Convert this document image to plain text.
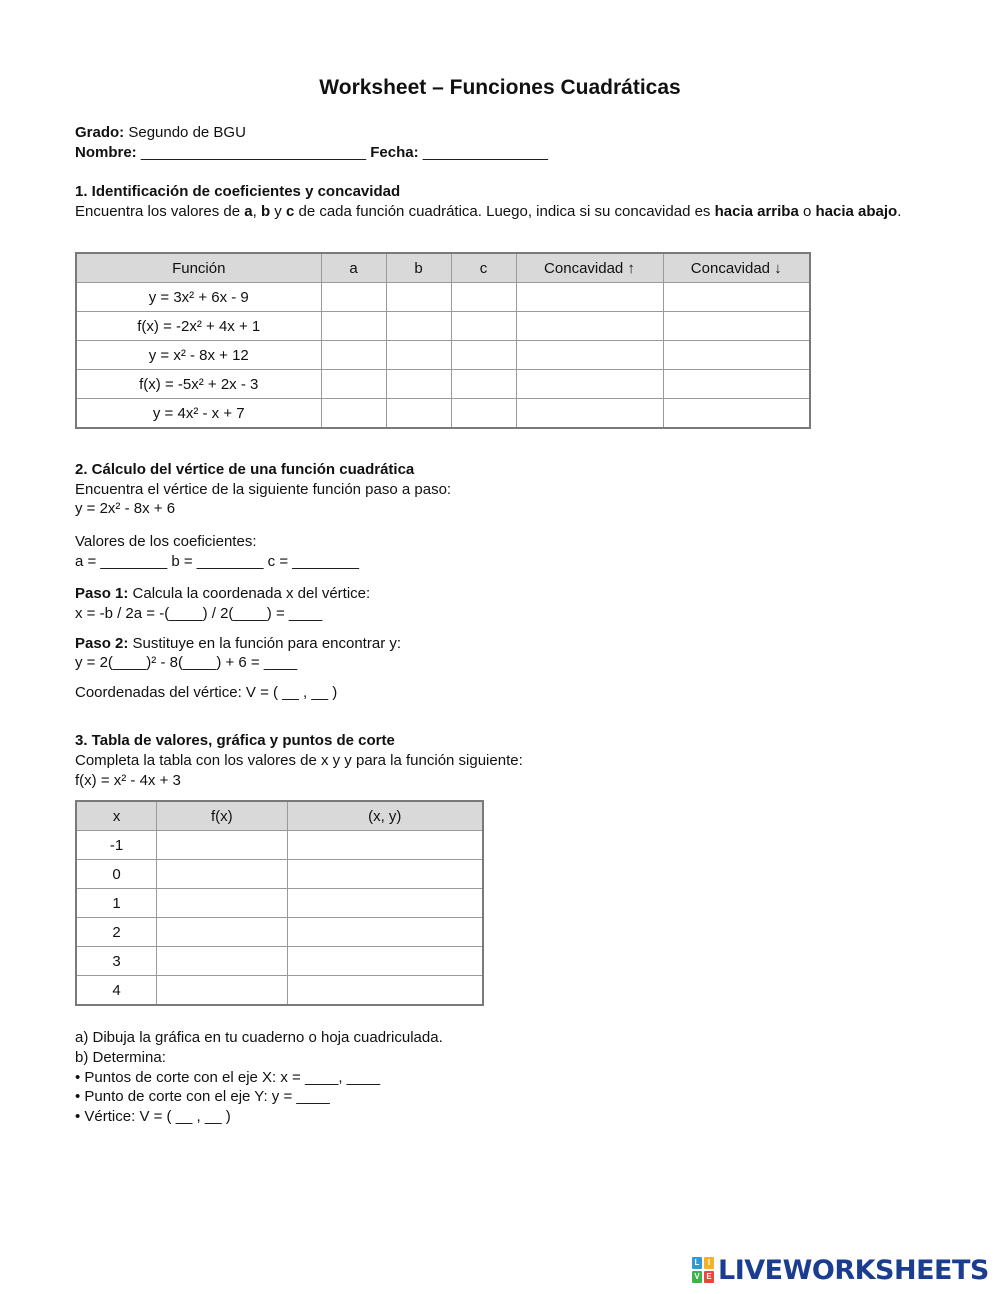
Worksheet – Funciones Cuadráticas
Grado: Segundo de BGU
Nombre: ___________________________ Fecha: _______________
1. Identificación de coeficientes y concavidad
Encuentra los valores de a, b y c de cada función cuadrática. Luego, indica si su concavidad es hacia arriba o hacia abajo.
Función	a	b	c	Concavidad ↑	Concavidad ↓
y = 3x² + 6x - 9					
f(x) = -2x² + 4x + 1					
y = x² - 8x + 12					
f(x) = -5x² + 2x - 3					
y = 4x² - x + 7					
2. Cálculo del vértice de una función cuadrática
Encuentra el vértice de la siguiente función paso a paso:
y = 2x² - 8x + 6
Valores de los coeficientes:
a = ________ b = ________ c = ________
Paso 1: Calcula la coordenada x del vértice:
x = -b / 2a = -(____) / 2(____) = ____
Paso 2: Sustituye en la función para encontrar y:
y = 2(____)² - 8(____) + 6 = ____
Coordenadas del vértice: V = ( __ , __ )
3. Tabla de valores, gráfica y puntos de corte
Completa la tabla con los valores de x y y para la función siguiente:
f(x) = x² - 4x + 3
x	f(x)	(x, y)
-1		
0		
1		
2		
3		
4		
a) Dibuja la gráfica en tu cuaderno o hoja cuadriculada.
b) Determina:
• Puntos de corte con el eje X: x = ____, ____
• Punto de corte con el eje Y: y = ____
• Vértice: V = ( __ , __ )
L	I
V E LIVEWORKSHEETS
